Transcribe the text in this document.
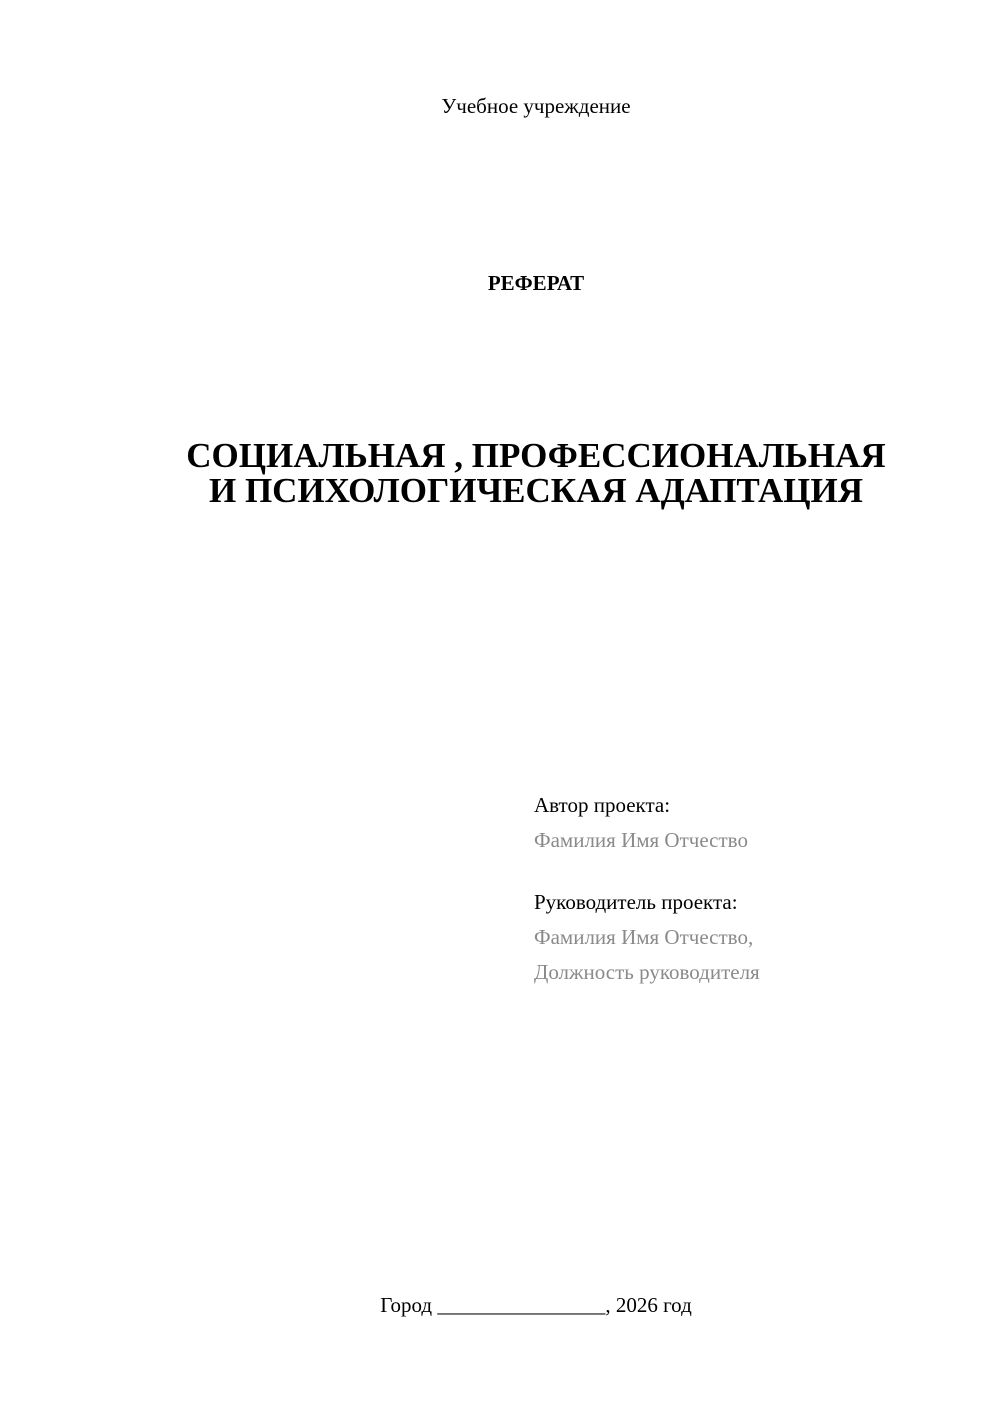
Учебное учреждение
РЕФЕРАТ
СОЦИАЛЬНАЯ , ПРОФЕССИОНАЛЬНАЯ
И ПСИХОЛОГИЧЕСКАЯ АДАПТАЦИЯ
Автор проекта:
Фамилия Имя Отчество
Руководитель проекта:
Фамилия Имя Отчество,
Должность руководителя
Город ________________, 2026 год
